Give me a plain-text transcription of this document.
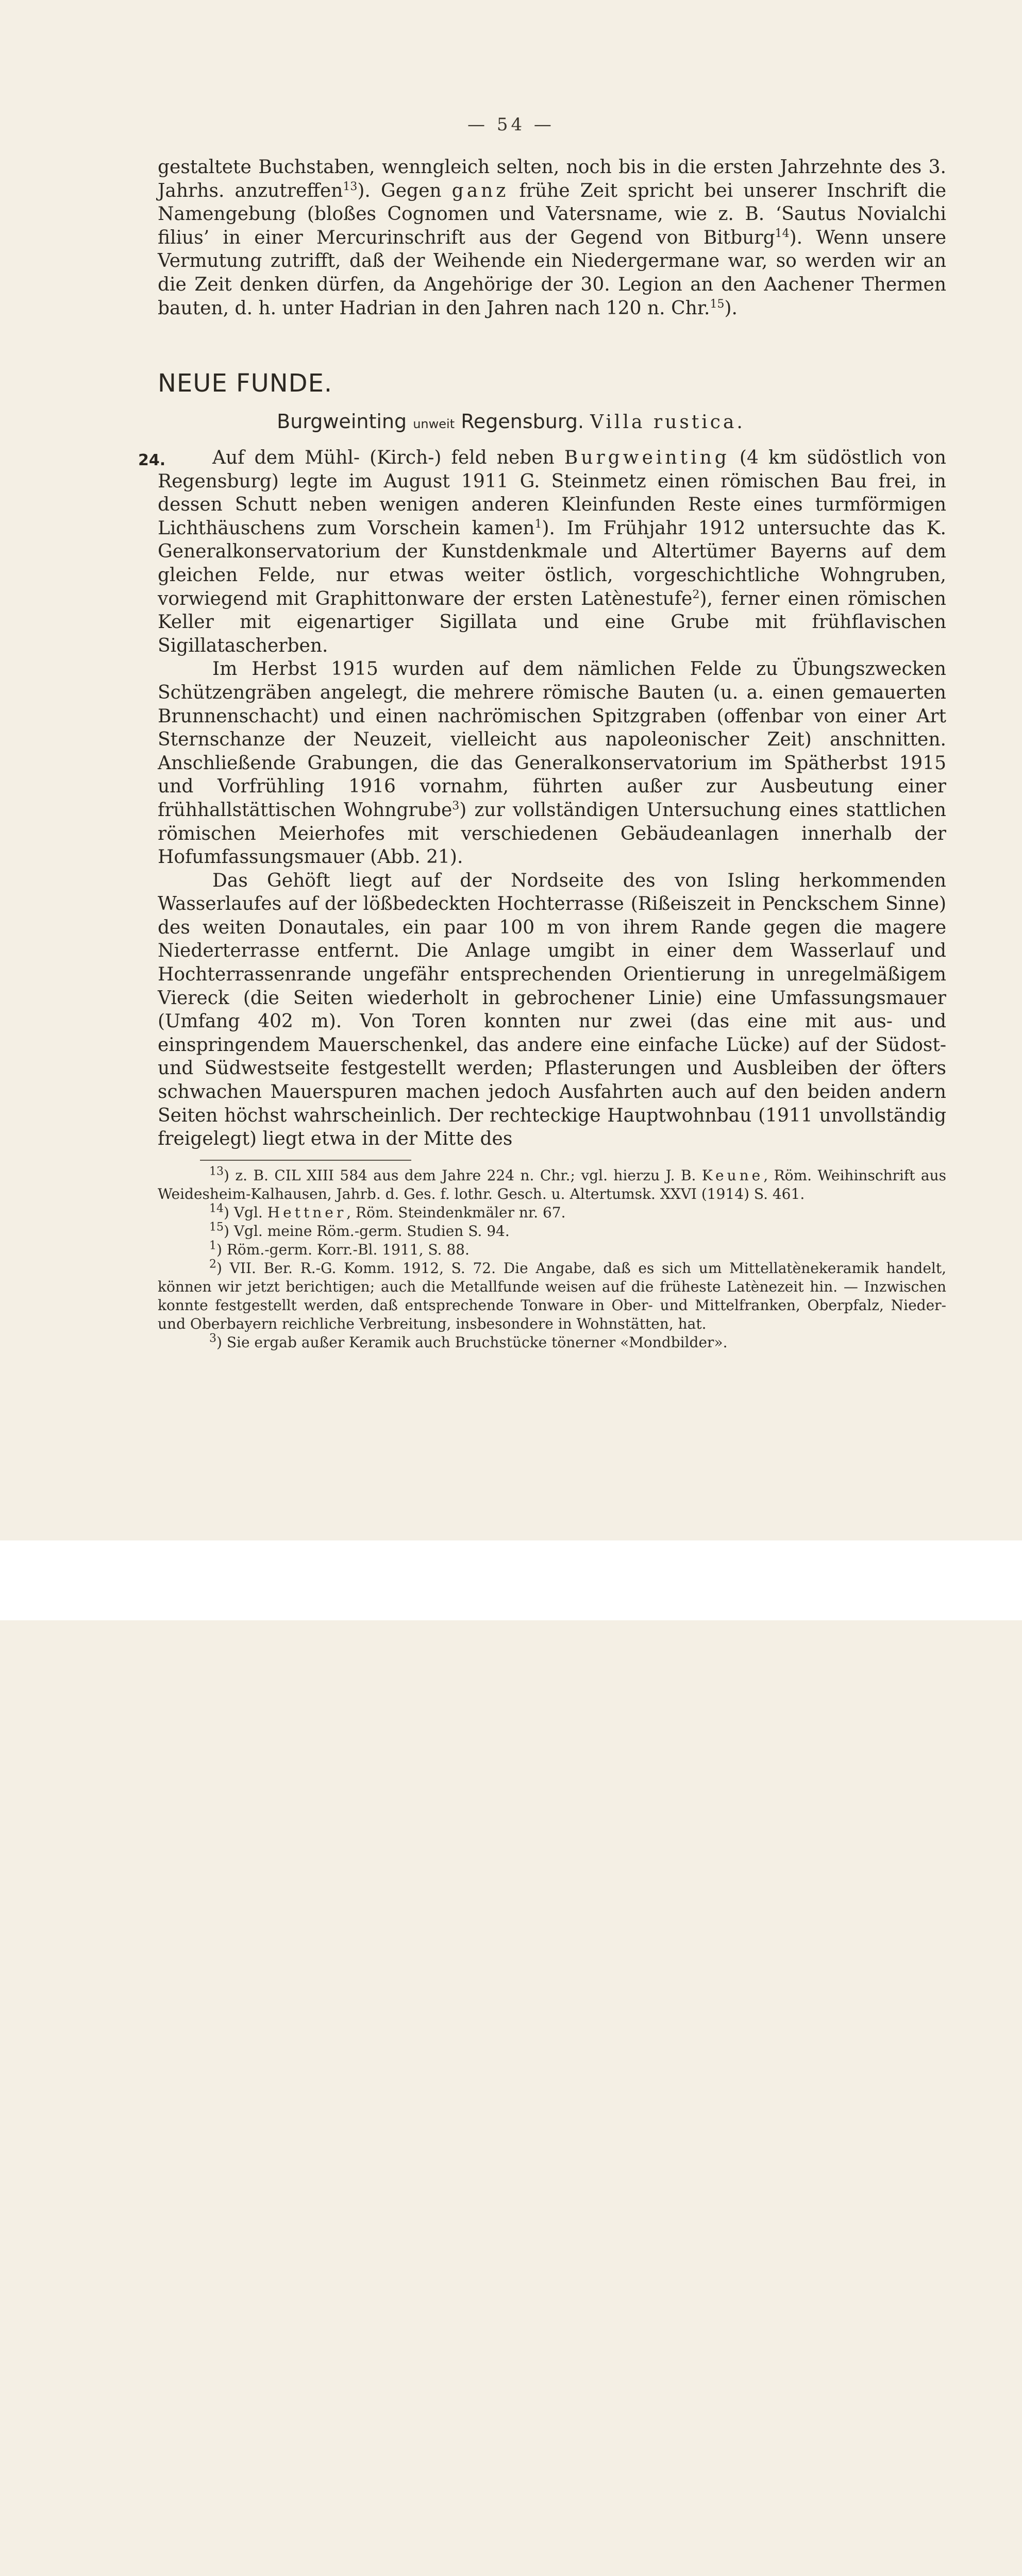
— 54 —

gestaltete Buchstaben, wenngleich selten, noch bis in die ersten Jahrzehnte des 3. Jahrhs. anzutreffen$^{13}$). Gegen ganz frühe Zeit spricht bei unserer Inschrift die Namengebung (bloßes Cognomen und Vatersname, wie z. B. ‘Sautus Novialchi filius’ in einer Mercurinschrift aus der Gegend von Bitburg$^{14}$). Wenn unsere Vermutung zutrifft, daß der Weihende ein Niedergermane war, so werden wir an die Zeit denken dürfen, da Angehörige der 30. Legion an den Aachener Thermen bauten, d. h. unter Hadrian in den Jahren nach 120 n. Chr.$^{15}$).

NEUE FUNDE.
Burgweinting unweit Regensburg. Villa rustica.
24.	Auf dem Mühl- (Kirch-) feld neben Burgweinting (4 km südöstlich von Regensburg) legte im August 1911 G. Steinmetz einen römischen Bau frei, in dessen Schutt neben wenigen anderen Kleinfunden Reste eines turmförmigen Lichthäuschens zum Vorschein kamen$^1$). Im Frühjahr 1912 untersuchte das K. Generalkonservatorium der Kunstdenkmale und Altertümer Bayerns auf dem gleichen Felde, nur etwas weiter östlich, vorgeschichtliche Wohngruben, vorwiegend mit Graphittonware der ersten Latènestufe$^2$), ferner einen römischen Keller mit eigenartiger Sigillata und eine Grube mit frühflavischen Sigillatascherben.

Im Herbst 1915 wurden auf dem nämlichen Felde zu Übungszwecken Schützengräben angelegt, die mehrere römische Bauten (u. a. einen gemauerten Brunnenschacht) und einen nachrömischen Spitzgraben (offenbar von einer Art Sternschanze der Neuzeit, vielleicht aus napoleonischer Zeit) anschnitten. Anschließende Grabungen, die das Generalkonservatorium im Spätherbst 1915 und Vorfrühling 1916 vornahm, führten außer zur Ausbeutung einer frühhallstättischen Wohngrube$^3$) zur vollständigen Untersuchung eines stattlichen römischen Meierhofes mit verschiedenen Gebäudeanlagen innerhalb der Hofumfassungsmauer (Abb. 21).

Das Gehöft liegt auf der Nordseite des von Isling herkommenden Wasserlaufes auf der lößbedeckten Hochterrasse (Rißeiszeit in Penckschem Sinne) des weiten Donautales, ein paar 100 m von ihrem Rande gegen die magere Niederterrasse entfernt. Die Anlage umgibt in einer dem Wasserlauf und Hochterrassenrande ungefähr entsprechenden Orientierung in unregelmäßigem Viereck (die Seiten wiederholt in gebrochener Linie) eine Umfassungsmauer (Umfang 402 m). Von Toren konnten nur zwei (das eine mit aus- und einspringendem Mauerschenkel, das andere eine einfache Lücke) auf der Südost- und Südwestseite festgestellt werden; Pflasterungen und Ausbleiben der öfters schwachen Mauerspuren machen jedoch Ausfahrten auch auf den beiden andern Seiten höchst wahrscheinlich. Der rechteckige Hauptwohnbau (1911 unvollständig freigelegt) liegt etwa in der Mitte des

$^{13}$) z. B. CIL XIII 584 aus dem Jahre 224 n. Chr.; vgl. hierzu J. B. Keune, Röm. Weihinschrift aus Weidesheim-Kalhausen, Jahrb. d. Ges. f. lothr. Gesch. u. Altertumsk. XXVI (1914) S. 461.

$^{14}$) Vgl. Hettner, Röm. Steindenkmäler nr. 67.

$^{15}$) Vgl. meine Röm.-germ. Studien S. 94.

$^1$) Röm.-germ. Korr.-Bl. 1911, S. 88.

$^2$) VII. Ber. R.-G. Komm. 1912, S. 72. Die Angabe, daß es sich um Mittellatènekeramik handelt, können wir jetzt berichtigen; auch die Metallfunde weisen auf die früheste Latènezeit hin. — Inzwischen konnte festgestellt werden, daß entsprechende Tonware in Ober- und Mittelfranken, Oberpfalz, Nieder- und Oberbayern reichliche Verbreitung, insbesondere in Wohnstätten, hat.

$^3$) Sie ergab außer Keramik auch Bruchstücke tönerner «Mondbilder».
